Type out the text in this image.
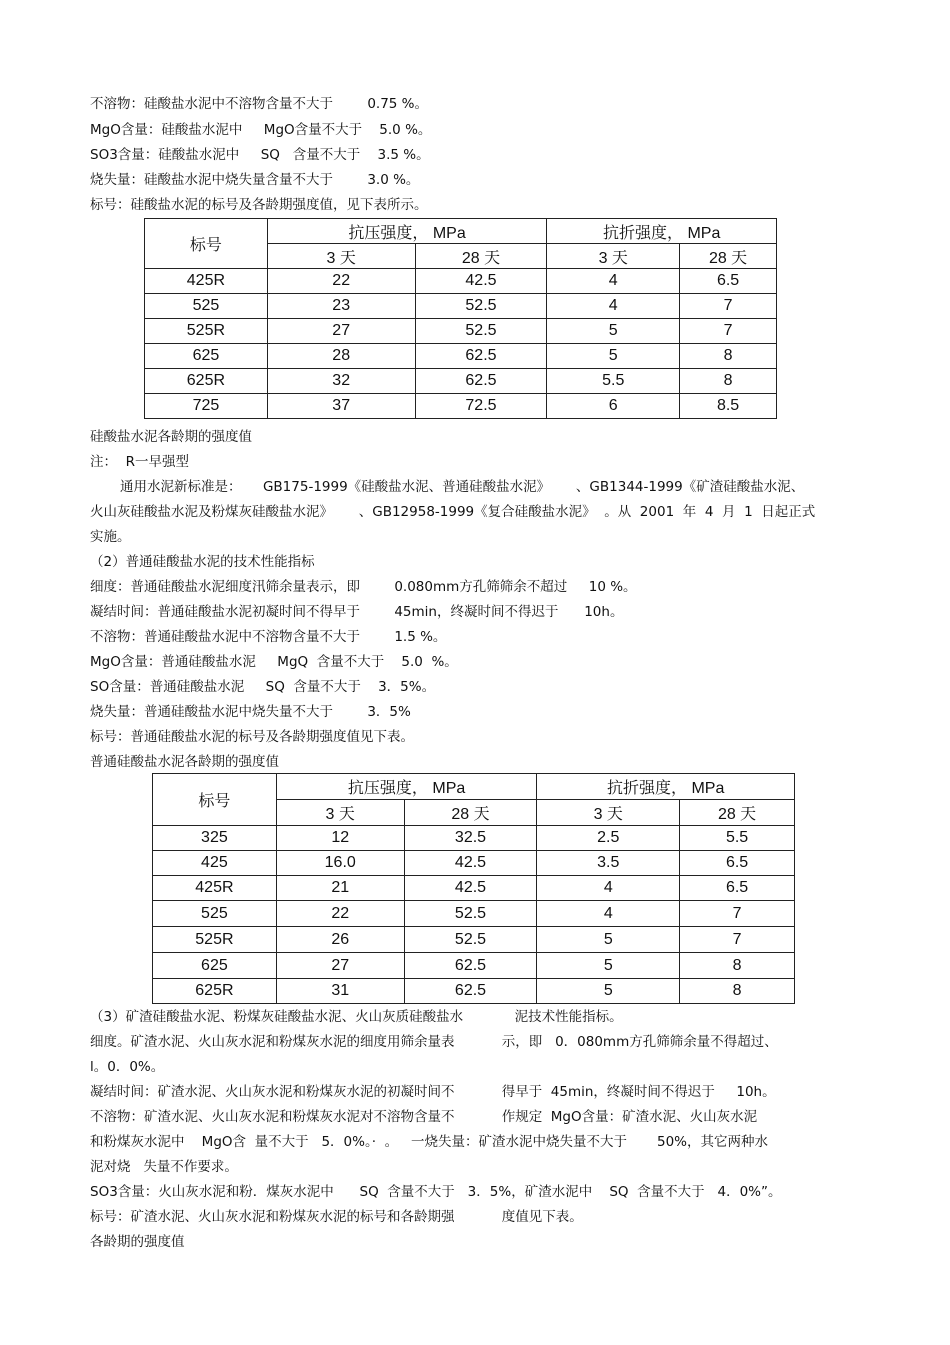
不溶物：硅酸盐水泥中不溶物含量不大于        0.75 %。
MgO含量：硅酸盐水泥中     MgO含量不大于    5.0 %。
SO3含量：硅酸盐水泥中     SQ   含量不大于    3.5 %。
烧失量：硅酸盐水泥中烧失量含量不大于        3.0 %。
标号：硅酸盐水泥的标号及各龄期强度值，见下表所示。
标号	抗压强度， MPa		抗折强度， MPa	
	3 天	28 天	3 天	28 天
425R	22	42.5	4	6.5
525	23	52.5	4	7
525R	27	52.5	5	7
625	28	62.5	5	8
625R	32	62.5	5.5	8
725	37	72.5	6	8.5
硅酸盐水泥各龄期的强度值
注：  R一早强型
通用水泥新标准是：     GB175-1999《硅酸盐水泥、普通硅酸盐水泥》      、GB1344-1999《矿渣硅酸盐水泥、
火山灰硅酸盐水泥及粉煤灰硅酸盐水泥》      、GB12958-1999《复合硅酸盐水泥》  。从  2001  年  4  月  1  日起正式
实施。
（2）普通硅酸盐水泥的技术性能指标
细度：普通硅酸盐水泥细度汛筛余量表示，即        0.080mm方孔筛筛余不超过     10 %。
凝结时间：普通硅酸盐水泥初凝时间不得早于        45min，终凝时间不得迟于      10h。
不溶物：普通硅酸盐水泥中不溶物含量不大于        1.5 %。
MgO含量：普通硅酸盐水泥     MgQ  含量不大于    5.0  %。
SO含量：普通硅酸盐水泥     SQ  含量不大于    3．5%。
烧失量：普通硅酸盐水泥中烧失量不大于        3．5%
标号：普通硅酸盐水泥的标号及各龄期强度值见下表。
普通硅酸盐水泥各龄期的强度值
标号	抗压强度， MPa		抗折强度， MPa	
	3 天	28 天	3 天	28 天
325	12	32.5	2.5	5.5
425	16.0	42.5	3.5	6.5
425R	21	42.5	4	6.5
525	22	52.5	4	7
525R	26	52.5	5	7
625	27	62.5	5	8
625R	31	62.5	5	8
（3）矿渣硅酸盐水泥、粉煤灰硅酸盐水泥、火山灰质硅酸盐水            泥技术性能指标。
细度。矿渣水泥、火山灰水泥和粉煤灰水泥的细度用筛余量表           示，即   0．080mm方孔筛筛余量不得超过、
l。0．0%。
凝结时间：矿渣水泥、火山灰水泥和粉煤灰水泥的初凝时间不           得早于  45min，终凝时间不得迟于     10h。
不溶物：矿渣水泥、火山灰水泥和粉煤灰水泥对不溶物含量不           作规定  MgO含量：矿渣水泥、火山灰水泥
和粉煤灰水泥中    MgO含  量不大于   5．0%。·  。   一烧失量：矿渣水泥中烧失量不大于       50%，其它两种水
泥对烧   失量不作要求。
SO3含量：火山灰水泥和粉．煤灰水泥中      SQ  含量不大于   3．5%，矿渣水泥中    SQ  含量不大于   4．0%”。
标号：矿渣水泥、火山灰水泥和粉煤灰水泥的标号和各龄期强           度值见下表。
各龄期的强度值
